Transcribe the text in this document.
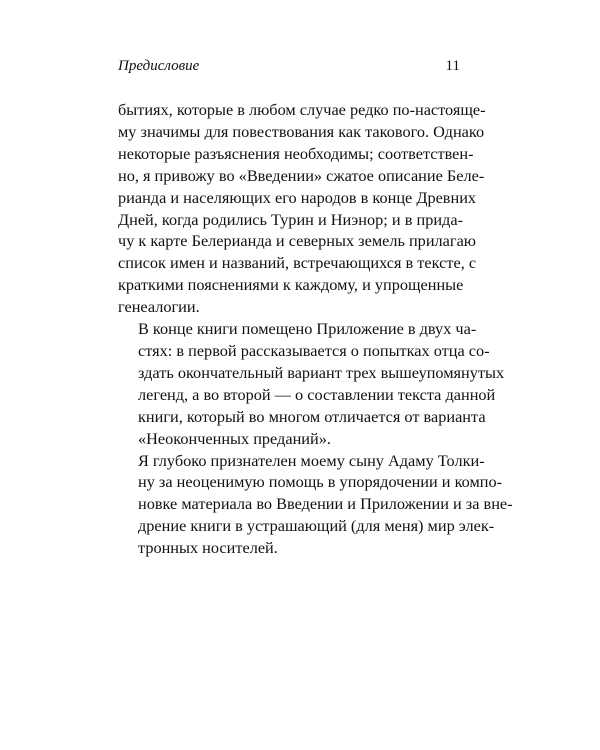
Предисловие	11

бытиях, которые в любом случае редко по-настояще-
му значимы для повествования как такового. Однако
некоторые разъяснения необходимы; соответствен-
но, я привожу во «Введении» сжатое описание Беле-
рианда и населяющих его народов в конце Древних
Дней, когда родились Турин и Ниэнор; и в прида-
чу к карте Белерианда и северных земель прилагаю
список имен и названий, встречающихся в тексте, с
краткими пояснениями к каждому, и упрощенные
генеалогии.

В конце книги помещено Приложение в двух ча-
стях: в первой рассказывается о попытках отца со-
здать окончательный вариант трех вышеупомянутых
легенд, а во второй — о составлении текста данной
книги, который во многом отличается от варианта
«Неоконченных преданий».

Я глубоко признателен моему сыну Адаму Толки-
ну за неоценимую помощь в упорядочении и компо-
новке материала во Введении и Приложении и за вне-
дрение книги в устрашающий (для меня) мир элек-
тронных носителей.
